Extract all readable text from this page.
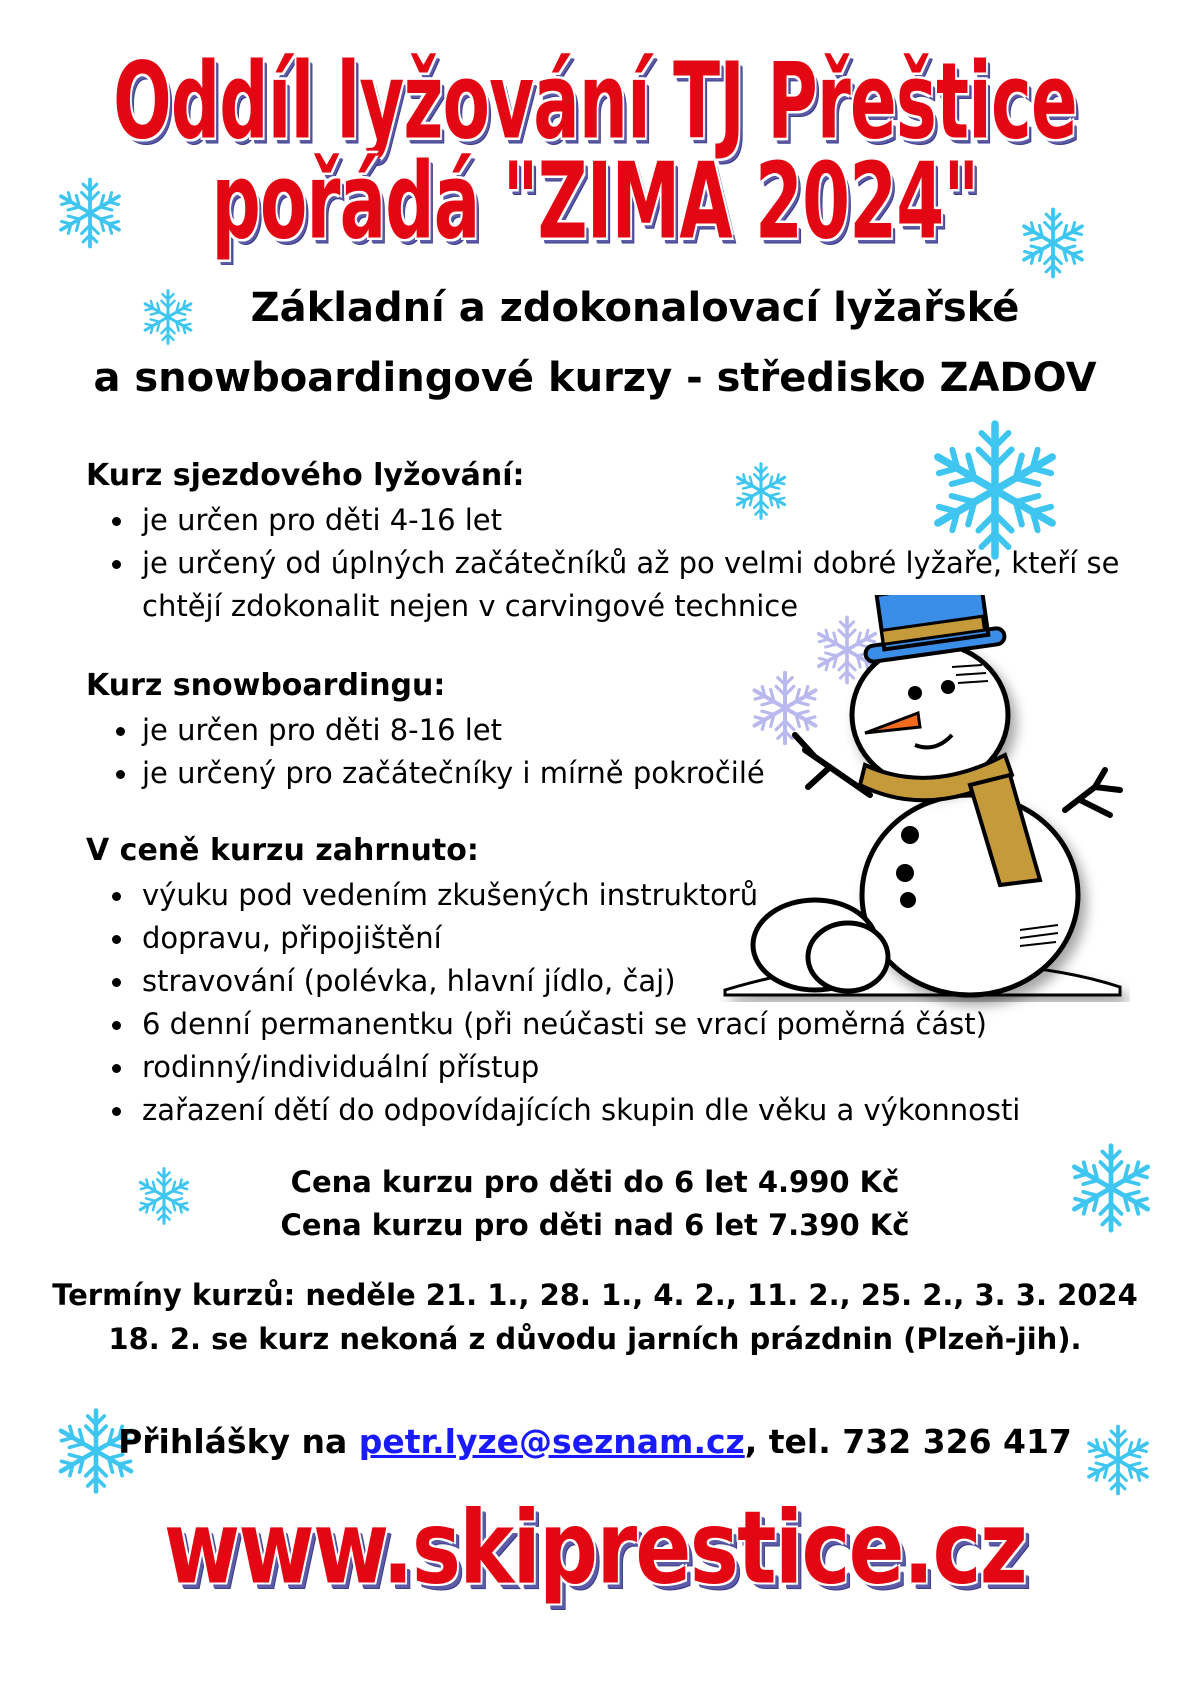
Oddíl lyžování TJ Přeštice
pořádá "ZIMA 2024"
Základní a zdokonalovací lyžařské
a snowboardingové kurzy - středisko ZADOV
Kurz sjezdového lyžování:
je určen pro děti 4-16 let
je určený od úplných začátečníků až po velmi dobré lyžaře, kteří se
chtějí zdokonalit nejen v carvingové technice
Kurz snowboardingu:
je určen pro děti 8-16 let
je určený pro začátečníky i mírně pokročilé
V ceně kurzu zahrnuto:
výuku pod vedením zkušených instruktorů
dopravu, připojištění
stravování (polévka, hlavní jídlo, čaj)
6 denní permanentku (při neúčasti se vrací poměrná část)
rodinný/individuální přístup
zařazení dětí do odpovídajících skupin dle věku a výkonnosti
Cena kurzu pro děti do 6 let 4.990 Kč
Cena kurzu pro děti nad 6 let 7.390 Kč
Termíny kurzů: neděle 21. 1., 28. 1., 4. 2., 11. 2., 25. 2., 3. 3. 2024
18. 2. se kurz nekoná z důvodu jarních prázdnin (Plzeň-jih).
Přihlášky na petr.lyze@seznam.cz, tel. 732 326 417
www.skiprestice.cz
